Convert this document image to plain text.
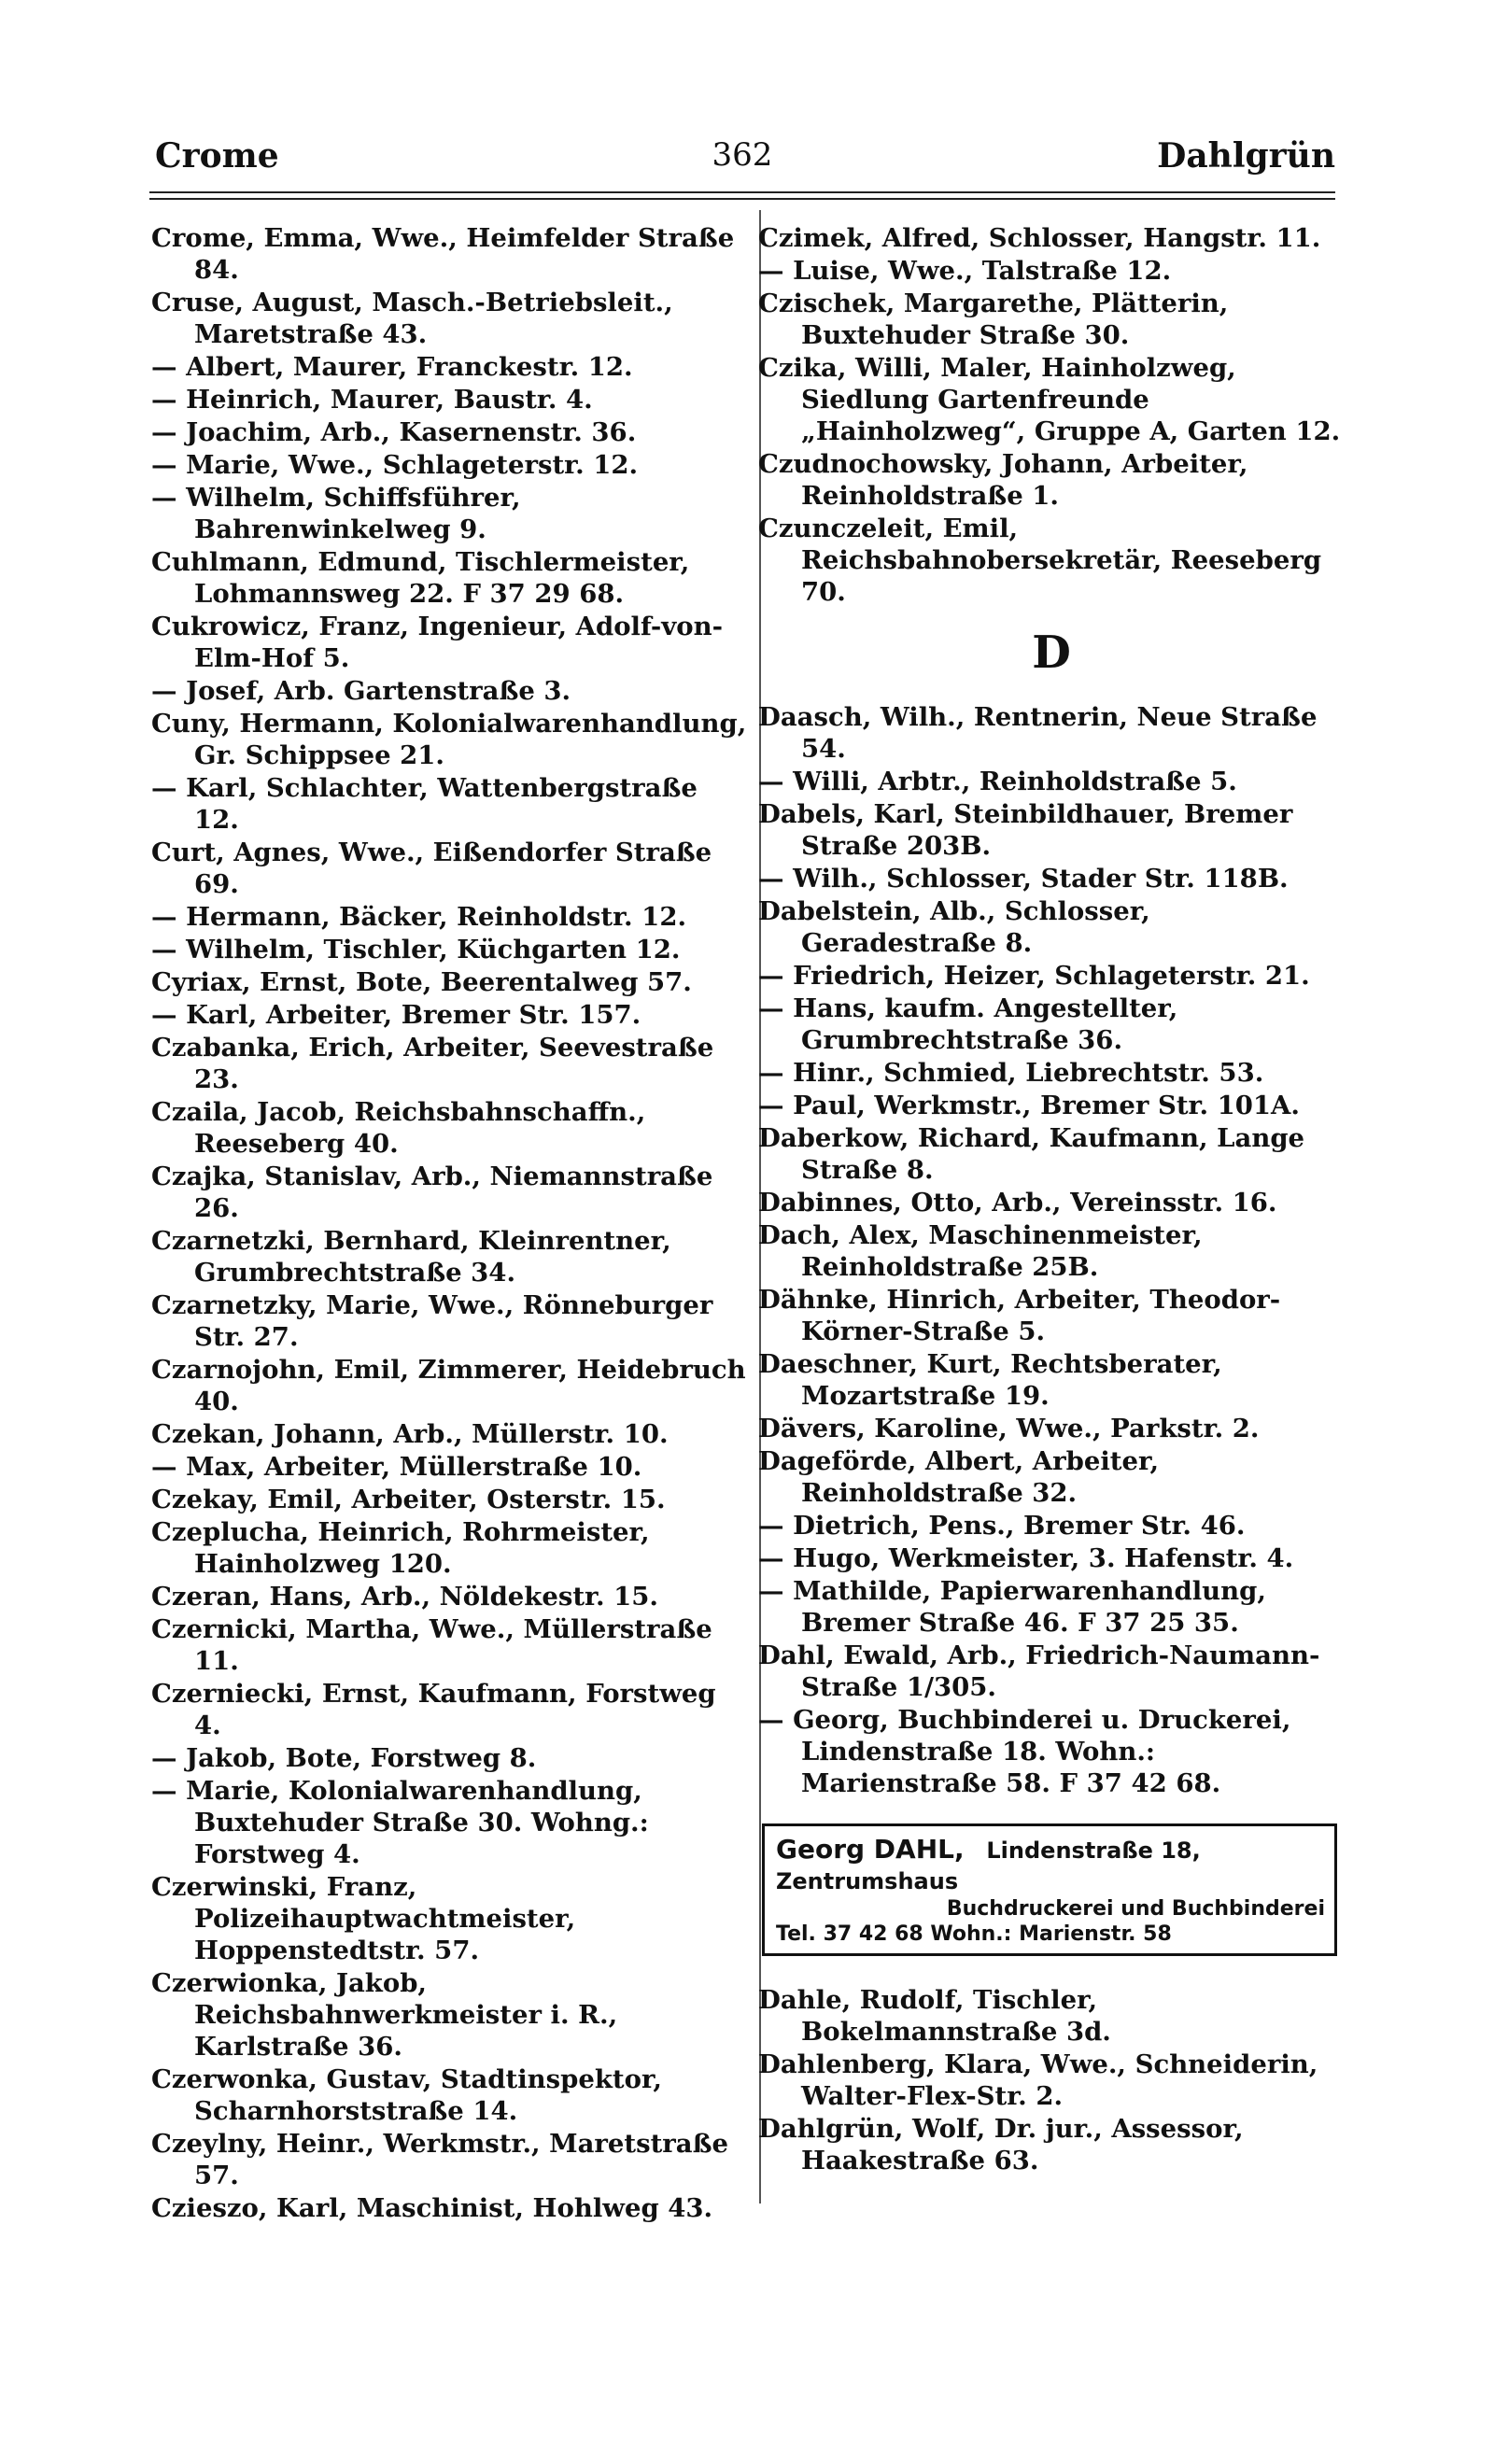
Crome	362	Dahlgrün
Crome, Emma, Wwe., Heimfelder Straße 84.
Cruse, August, Masch.-Betriebsleit., Maretstraße 43.
— Albert, Maurer, Franckestr. 12.
— Heinrich, Maurer, Baustr. 4.
— Joachim, Arb., Kasernenstr. 36.
— Marie, Wwe., Schlageterstr. 12.
— Wilhelm, Schiffsführer, Bahrenwinkelweg 9.
Cuhlmann, Edmund, Tischlermeister, Lohmannsweg 22. F 37 29 68.
Cukrowicz, Franz, Ingenieur, Adolf-von-Elm-Hof 5.
— Josef, Arb. Gartenstraße 3.
Cuny, Hermann, Kolonialwarenhandlung, Gr. Schippsee 21.
— Karl, Schlachter, Wattenbergstraße 12.
Curt, Agnes, Wwe., Eißendorfer Straße 69.
— Hermann, Bäcker, Reinholdstr. 12.
— Wilhelm, Tischler, Küchgarten 12.
Cyriax, Ernst, Bote, Beerentalweg 57.
— Karl, Arbeiter, Bremer Str. 157.
Czabanka, Erich, Arbeiter, Seevestraße 23.
Czaila, Jacob, Reichsbahnschaffn., Reeseberg 40.
Czajka, Stanislav, Arb., Niemannstraße 26.
Czarnetzki, Bernhard, Kleinrentner, Grumbrechtstraße 34.
Czarnetzky, Marie, Wwe., Rönneburger Str. 27.
Czarnojohn, Emil, Zimmerer, Heidebruch 40.
Czekan, Johann, Arb., Müllerstr. 10.
— Max, Arbeiter, Müllerstraße 10.
Czekay, Emil, Arbeiter, Osterstr. 15.
Czeplucha, Heinrich, Rohrmeister, Hainholzweg 120.
Czeran, Hans, Arb., Nöldekestr. 15.
Czernicki, Martha, Wwe., Müllerstraße 11.
Czerniecki, Ernst, Kaufmann, Forstweg 4.
— Jakob, Bote, Forstweg 8.
— Marie, Kolonialwarenhandlung, Buxtehuder Straße 30. Wohng.: Forstweg 4.
Czerwinski, Franz, Polizeihauptwachtmeister, Hoppenstedtstr. 57.
Czerwionka, Jakob, Reichsbahnwerkmeister i. R., Karlstraße 36.
Czerwonka, Gustav, Stadtinspektor, Scharnhorststraße 14.
Czeylny, Heinr., Werkmstr., Maretstraße 57.
Czieszo, Karl, Maschinist, Hohlweg 43.
Czimek, Alfred, Schlosser, Hangstr. 11.
— Luise, Wwe., Talstraße 12.
Czischek, Margarethe, Plätterin, Buxtehuder Straße 30.
Czika, Willi, Maler, Hainholzweg, Siedlung Gartenfreunde „Hainholzweg“, Gruppe A, Garten 12.
Czudnochowsky, Johann, Arbeiter, Reinholdstraße 1.
Czunczeleit, Emil, Reichsbahnobersekretär, Reeseberg 70.
D
Daasch, Wilh., Rentnerin, Neue Straße 54.
— Willi, Arbtr., Reinholdstraße 5.
Dabels, Karl, Steinbildhauer, Bremer Straße 203B.
— Wilh., Schlosser, Stader Str. 118B.
Dabelstein, Alb., Schlosser, Geradestraße 8.
— Friedrich, Heizer, Schlageterstr. 21.
— Hans, kaufm. Angestellter, Grumbrechtstraße 36.
— Hinr., Schmied, Liebrechtstr. 53.
— Paul, Werkmstr., Bremer Str. 101A.
Daberkow, Richard, Kaufmann, Lange Straße 8.
Dabinnes, Otto, Arb., Vereinsstr. 16.
Dach, Alex, Maschinenmeister, Reinholdstraße 25B.
Dähnke, Hinrich, Arbeiter, Theodor-Körner-Straße 5.
Daeschner, Kurt, Rechtsberater, Mozartstraße 19.
Dävers, Karoline, Wwe., Parkstr. 2.
Dageförde, Albert, Arbeiter, Reinholdstraße 32.
— Dietrich, Pens., Bremer Str. 46.
— Hugo, Werkmeister, 3. Hafenstr. 4.
— Mathilde, Papierwarenhandlung, Bremer Straße 46. F 37 25 35.
Dahl, Ewald, Arb., Friedrich-Naumann-Straße 1/305.
— Georg, Buchbinderei u. Druckerei, Lindenstraße 18. Wohn.: Marienstraße 58. F 37 42 68.
Georg DAHL, Lindenstraße 18, Zentrumshaus
Buchdruckerei und Buchbinderei
Tel. 37 42 68 Wohn.: Marienstr. 58
Dahle, Rudolf, Tischler, Bokelmannstraße 3d.
Dahlenberg, Klara, Wwe., Schneiderin, Walter-Flex-Str. 2.
Dahlgrün, Wolf, Dr. jur., Assessor, Haakestraße 63.
